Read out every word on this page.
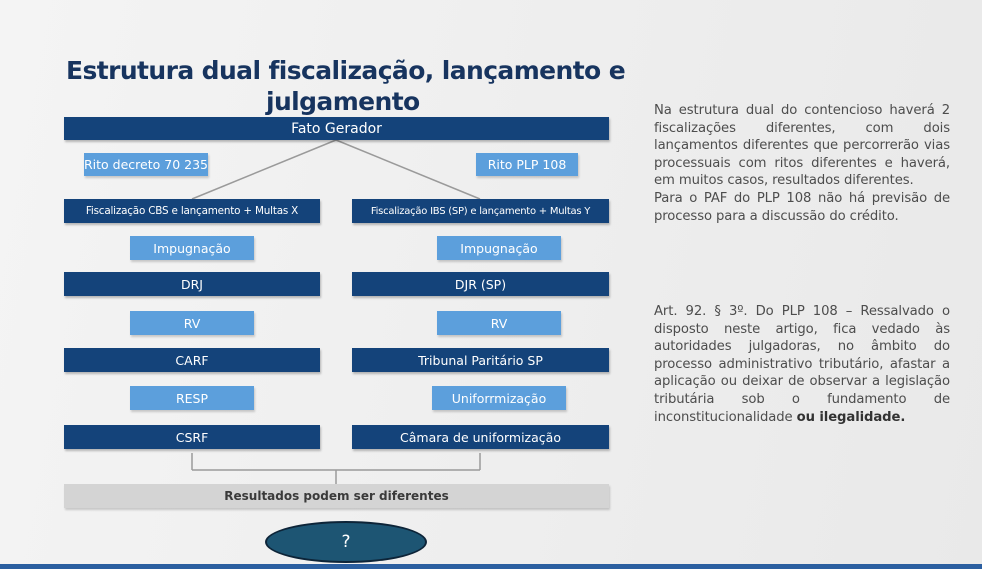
Estrutura dual fiscalização, lançamento e
julgamento
Fato Gerador
Rito decreto 70 235	Rito PLP 108
Fiscalização CBS e lançamento + Multas X
Impugnação
DRJ
RV
CARF
RESP
CSRF
Fiscalização IBS (SP) e lançamento + Multas Y
Impugnação
DJR (SP)
RV
Tribunal Paritário SP
Uniforrmização
Câmara de uniformização
Resultados podem ser diferentes
?
Na estrutura dual do contencioso haverá 2 fiscalizações diferentes, com dois lançamentos diferentes que percorrerão vias processuais com ritos diferentes e haverá, em muitos casos, resultados diferentes.
Para o PAF do PLP 108 não há previsão de processo para a discussão do crédito.
Art. 92. § 3º. Do PLP 108 – Ressalvado o disposto neste artigo, fica vedado às autoridades julgadoras, no âmbito do processo administrativo tributário, afastar a aplicação ou deixar de observar a legislação tributária sob o fundamento de inconstitucionalidade ou ilegalidade.
